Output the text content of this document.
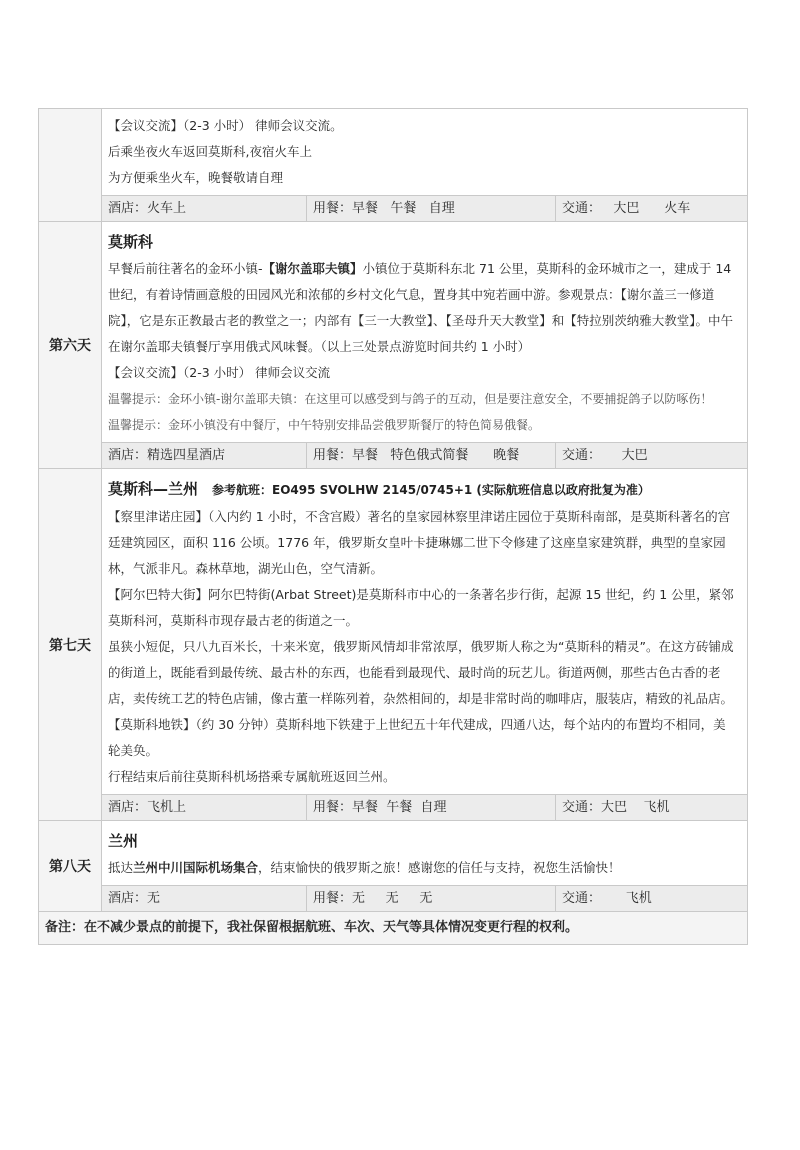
【会议交流】（2-3 小时） 律师会议交流。

后乘坐夜火车返回莫斯科,夜宿火车上

为方便乘坐火车，晚餐敬请自理

酒店：火车上	用餐：早餐   午餐   自理	交通：   大巴      火车
第六天

莫斯科

早餐后前往著名的金环小镇-【谢尔盖耶夫镇】小镇位于莫斯科东北 71 公里，莫斯科的金环城市之一，建成于 14 世纪，有着诗情画意般的田园风光和浓郁的乡村文化气息，置身其中宛若画中游。参观景点：【谢尔盖三一修道院】，它是东正教最古老的教堂之一；内部有【三一大教堂】、【圣母升天大教堂】和【特拉别茨纳雅大教堂】。中午在谢尔盖耶夫镇餐厅享用俄式风味餐。（以上三处景点游览时间共约 1 小时）

【会议交流】（2-3 小时） 律师会议交流

温馨提示：金环小镇-谢尔盖耶夫镇：在这里可以感受到与鸽子的互动，但是要注意安全，不要捕捉鸽子以防啄伤！

温馨提示：金环小镇没有中餐厅，中午特别安排品尝俄罗斯餐厅的特色简易俄餐。

酒店：精选四星酒店	用餐：早餐   特色俄式简餐      晚餐	交通：     大巴
第七天

莫斯科—兰州 参考航班：EO495 SVOLHW 2145/0745+1 (实际航班信息以政府批复为准）

【察里津诺庄园】（入内约 1 小时，不含宫殿）著名的皇家园林察里津诺庄园位于莫斯科南部，是莫斯科著名的宫廷建筑园区，面积 116 公顷。1776 年，俄罗斯女皇叶卡捷琳娜二世下令修建了这座皇家建筑群，典型的皇家园林，气派非凡。森林草地，湖光山色，空气清新。

【阿尔巴特大街】阿尔巴特街(Arbat Street)是莫斯科市中心的一条著名步行街，起源 15 世纪，约 1 公里，紧邻莫斯科河，莫斯科市现存最古老的街道之一。

虽狭小短促，只八九百米长，十来米宽，俄罗斯风情却非常浓厚，俄罗斯人称之为“莫斯科的精灵”。在这方砖铺成的街道上，既能看到最传统、最古朴的东西，也能看到最现代、最时尚的玩艺儿。街道两侧，那些古色古香的老店，卖传统工艺的特色店铺，像古董一样陈列着，杂然相间的，却是非常时尚的咖啡店，服装店，精致的礼品店。

【莫斯科地铁】（约 30 分钟）莫斯科地下铁建于上世纪五十年代建成，四通八达，每个站内的布置均不相同，美轮美奂。

行程结束后前往莫斯科机场搭乘专属航班返回兰州。

酒店：飞机上	用餐：早餐  午餐  自理	交通：大巴    飞机
第八天

兰州

抵达兰州中川国际机场集合，结束愉快的俄罗斯之旅！感谢您的信任与支持，祝您生活愉快！

酒店：无	用餐：无     无     无	交通：      飞机
备注：在不减少景点的前提下，我社保留根据航班、车次、天气等具体情况变更行程的权利。
